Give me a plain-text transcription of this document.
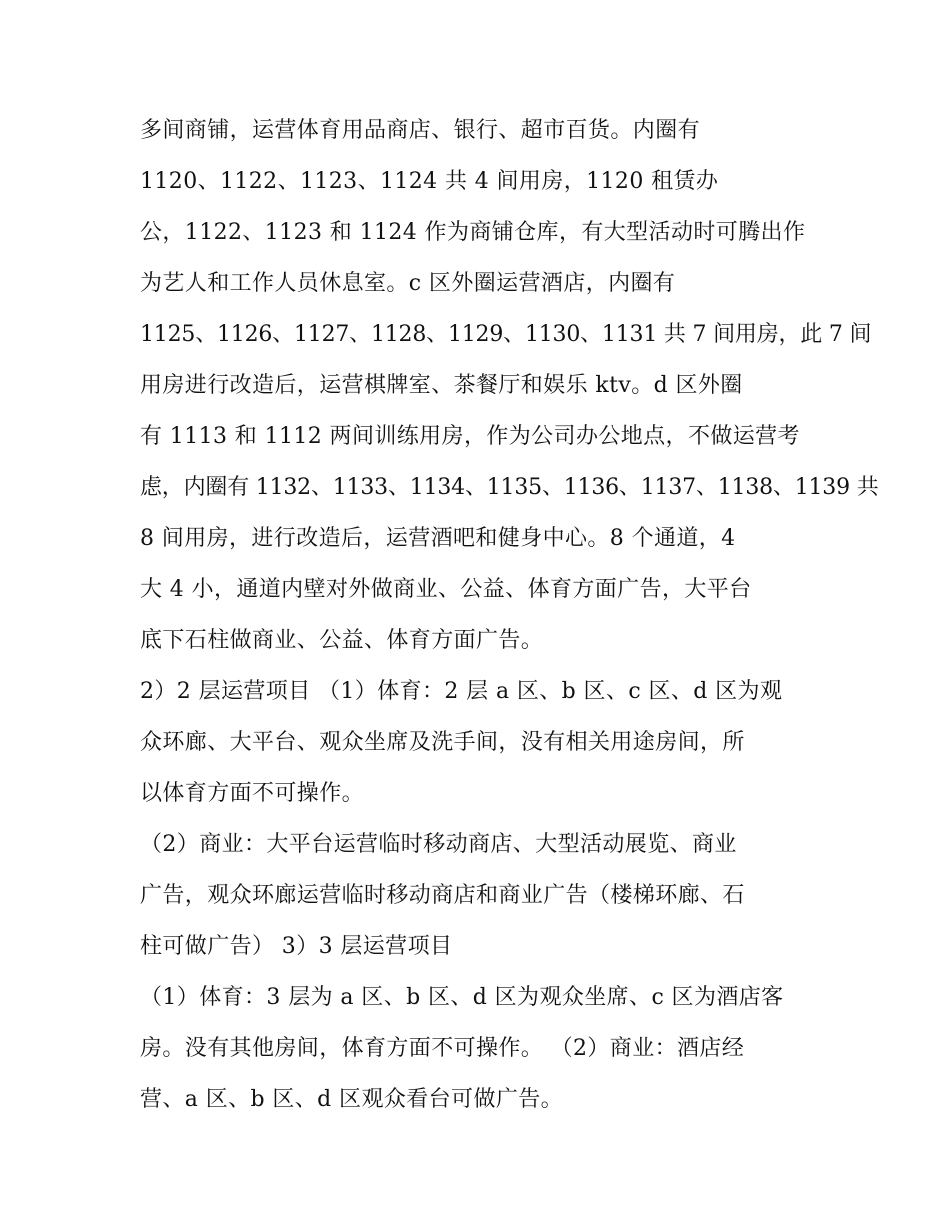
多间商铺，运营体育用品商店、银行、超市百货。内圈有
1120、1122、1123、1124 共 4 间用房，1120 租赁办
公，1122、1123 和 1124 作为商铺仓库，有大型活动时可腾出作
为艺人和工作人员休息室。c 区外圈运营酒店，内圈有
1125、1126、1127、1128、1129、1130、1131 共 7 间用房，此 7 间
用房进行改造后，运营棋牌室、茶餐厅和娱乐 ktv。d 区外圈
有 1113 和 1112 两间训练用房，作为公司办公地点，不做运营考
虑，内圈有 1132、1133、1134、1135、1136、1137、1138、1139 共
8 间用房，进行改造后，运营酒吧和健身中心。8 个通道，4
大 4 小，通道内壁对外做商业、公益、体育方面广告，大平台
底下石柱做商业、公益、体育方面广告。
2）2 层运营项目 （1）体育：2 层 a 区、b 区、c 区、d 区为观
众环廊、大平台、观众坐席及洗手间，没有相关用途房间，所
以体育方面不可操作。
（2）商业：大平台运营临时移动商店、大型活动展览、商业
广告，观众环廊运营临时移动商店和商业广告（楼梯环廊、石
柱可做广告） 3）3 层运营项目
（1）体育：3 层为 a 区、b 区、d 区为观众坐席、c 区为酒店客
房。没有其他房间，体育方面不可操作。 （2）商业：酒店经
营、a 区、b 区、d 区观众看台可做广告。
